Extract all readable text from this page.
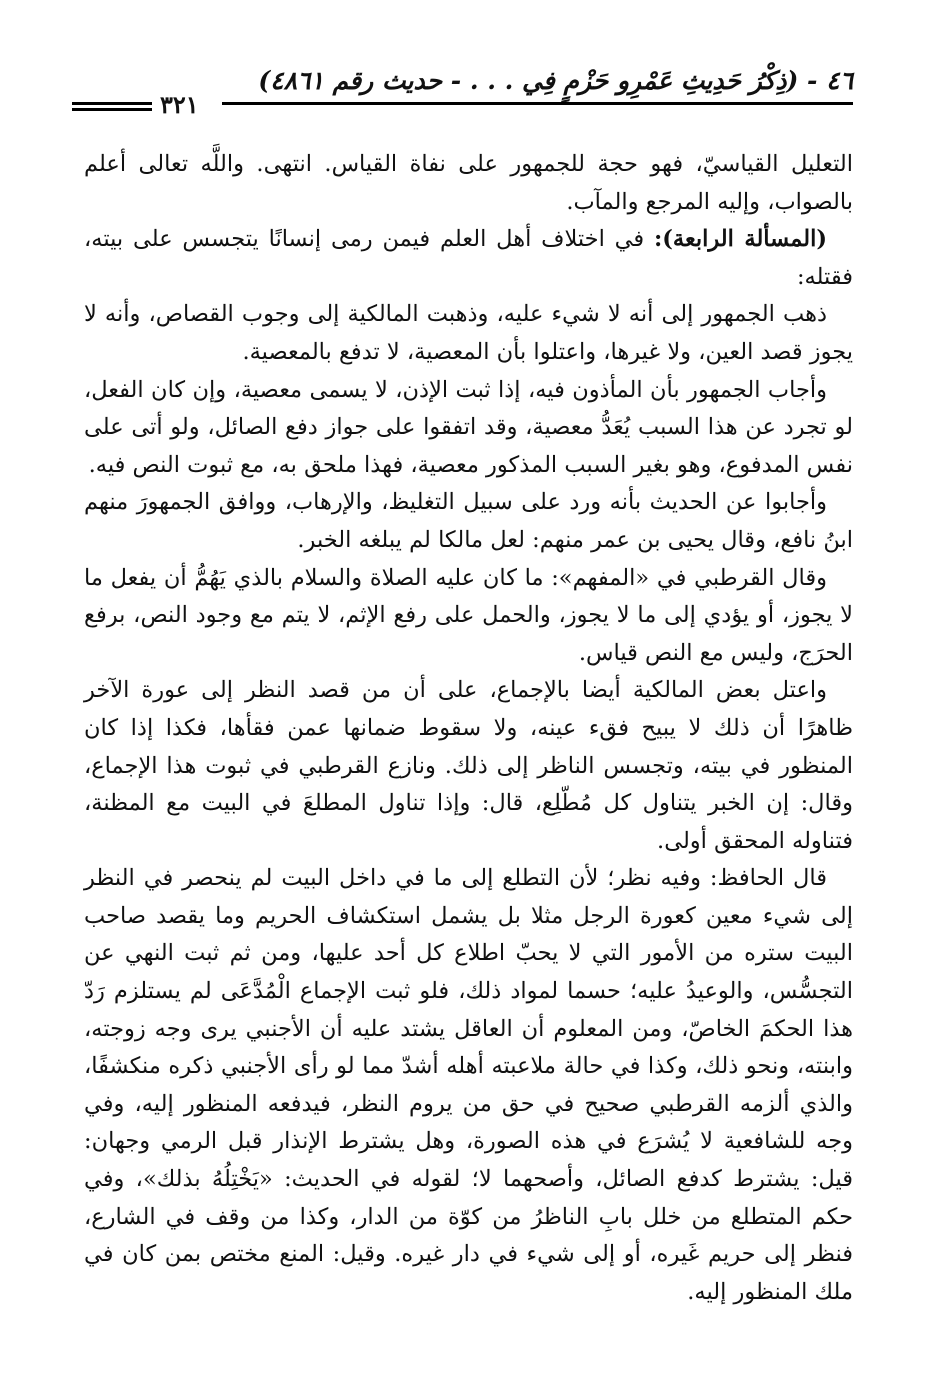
٤٦ - (ذِكْرُ حَدِيثِ عَمْرِو حَزْمٍ فِي . . . - حديث رقم ٤٨٦١)
٣٢١

التعليل القياسيّ، فهو حجة للجمهور على نفاة القياس. انتهى. واللَّه تعالى أعلم بالصواب، وإليه المرجع والمآب.

(المسألة الرابعة): في اختلاف أهل العلم فيمن رمى إنسانًا يتجسس على بيته، فقتله:

ذهب الجمهور إلى أنه لا شيء عليه، وذهبت المالكية إلى وجوب القصاص، وأنه لا يجوز قصد العين، ولا غيرها، واعتلوا بأن المعصية، لا تدفع بالمعصية.

وأجاب الجمهور بأن المأذون فيه، إذا ثبت الإذن، لا يسمى معصية، وإن كان الفعل، لو تجرد عن هذا السبب يُعَدُّ معصية، وقد اتفقوا على جواز دفع الصائل، ولو أتى على نفس المدفوع، وهو بغير السبب المذكور معصية، فهذا ملحق به، مع ثبوت النص فيه.

وأجابوا عن الحديث بأنه ورد على سبيل التغليظ، والإرهاب، ووافق الجمهورَ منهم ابنُ نافع، وقال يحيى بن عمر منهم: لعل مالكا لم يبلغه الخبر.

وقال القرطبي في «المفهم»: ما كان عليه الصلاة والسلام بالذي يَهُمُّ أن يفعل ما لا يجوز، أو يؤدي إلى ما لا يجوز، والحمل على رفع الإثم، لا يتم مع وجود النص، برفع الحرَج، وليس مع النص قياس.

واعتل بعض المالكية أيضا بالإجماع، على أن من قصد النظر إلى عورة الآخر ظاهرًا أن ذلك لا يبيح فقء عينه، ولا سقوط ضمانها عمن فقأها، فكذا إذا كان المنظور في بيته، وتجسس الناظر إلى ذلك. ونازع القرطبي في ثبوت هذا الإجماع، وقال: إن الخبر يتناول كل مُطّلِع، قال: وإذا تناول المطلعَ في البيت مع المظنة، فتناوله المحقق أولى.

قال الحافظ: وفيه نظر؛ لأن التطلع إلى ما في داخل البيت لم ينحصر في النظر إلى شيء معين كعورة الرجل مثلا بل يشمل استكشاف الحريم وما يقصد صاحب البيت ستره من الأمور التي لا يحبّ اطلاع كل أحد عليها، ومن ثم ثبت النهي عن التجسُّس، والوعيدُ عليه؛ حسما لمواد ذلك، فلو ثبت الإجماع الْمُدَّعَى لم يستلزم رَدّ هذا الحكمَ الخاصّ، ومن المعلوم أن العاقل يشتد عليه أن الأجنبي يرى وجه زوجته، وابنته، ونحو ذلك، وكذا في حالة ملاعبته أهله أشدّ مما لو رأى الأجنبي ذكره منكشفًا، والذي ألزمه القرطبي صحيح في حق من يروم النظر، فيدفعه المنظور إليه، وفي وجه للشافعية لا يُشرَع في هذه الصورة، وهل يشترط الإنذار قبل الرمي وجهان: قيل: يشترط كدفع الصائل، وأصحهما لا؛ لقوله في الحديث: «يَخْتِلُهُ بذلك»، وفي حكم المتطلع من خلل بابِ الناظرُ من كوّة من الدار، وكذا من وقف في الشارع، فنظر إلى حريم غَيره، أو إلى شيء في دار غيره. وقيل: المنع مختص بمن كان في ملك المنظور إليه.
